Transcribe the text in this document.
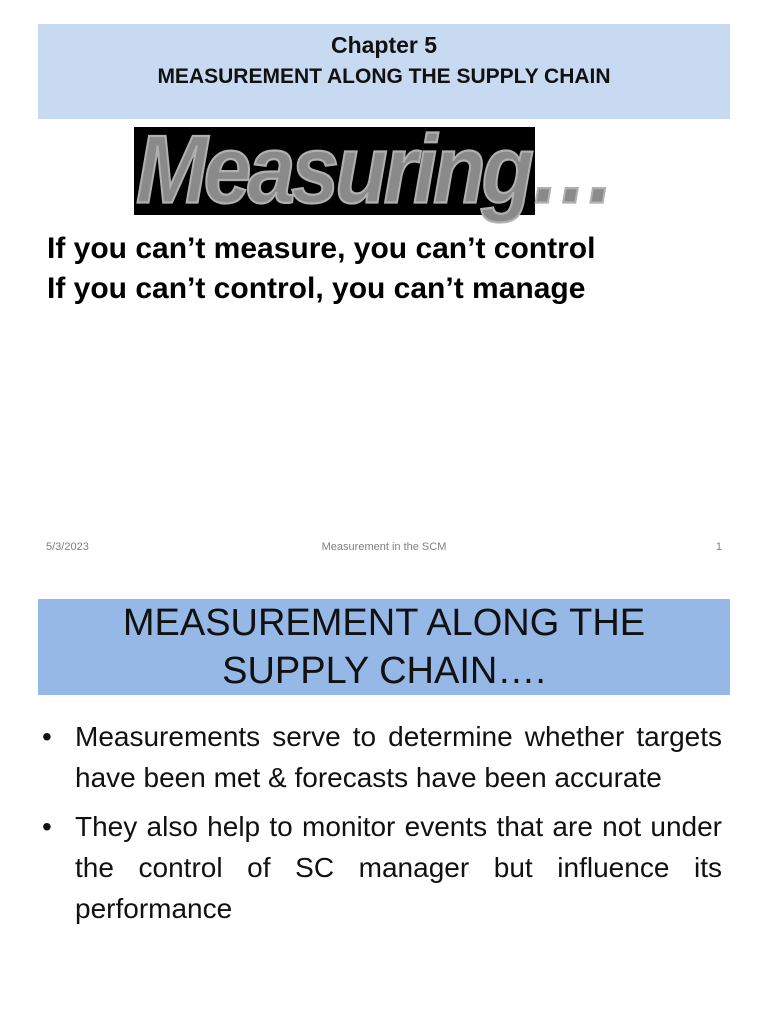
Chapter 5
MEASUREMENT ALONG THE SUPPLY CHAIN
Measuring…
If you can’t measure, you can’t control
If you can’t control, you can’t manage
5/3/2023	Measurement in the SCM	1
MEASUREMENT ALONG THE
SUPPLY CHAIN….
• Measurements serve to determine whether targets have been met & forecasts have been accurate
• They also help to monitor events that are not under the control of SC manager but influence its performance
